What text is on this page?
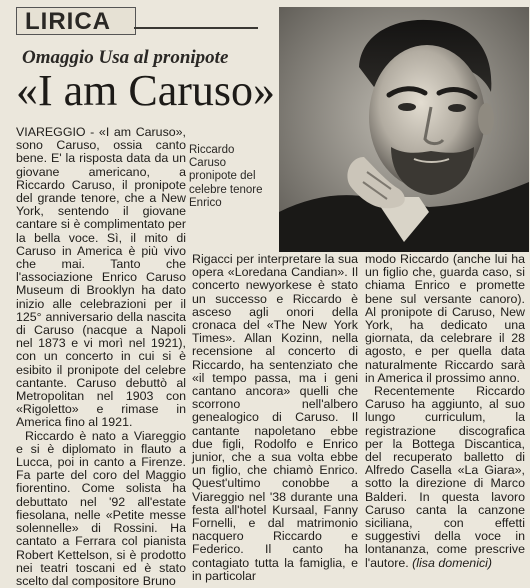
LIRICA
Omaggio Usa al pronipote
«I am Caruso»
Riccardo Caruso pronipote del celebre tenore Enrico

VIAREGGIO - «I am Caruso», sono Caruso, ossia canto bene. E' la risposta data da un giovane americano, a Riccardo Caruso, il pronipote del grande tenore, che a New York, sentendo il giovane cantare si è complimentato per la bella voce. Sì, il mito di Caruso in America è più vivo che mai. Tanto che l'associazione Enrico Caruso Museum di Brooklyn ha dato inizio alle celebrazioni per il 125° anniversario della nascita di Caruso (nacque a Napoli nel 1873 e vi morì nel 1921), con un concerto in cui si è esibito il pronipote del celebre cantante. Caruso debuttò al Metropolitan nel 1903 con «Rigoletto» e rimase in America fino al 1921.

Riccardo è nato a Viareggio e si è diplomato in flauto a Lucca, poi in canto a Firenze. Fa parte del coro del Maggio fiorentino. Come solista ha debuttato nel '92 all'estate fiesolana, nelle «Petite messe solennelle» di Rossini. Ha cantato a Ferrara col pianista Robert Kettelson, si è prodotto nei teatri toscani ed è stato scelto dal compositore Bruno

Rigacci per interpretare la sua opera «Loredana Candian». Il concerto newyorkese è stato un successo e Riccardo è asceso agli onori della cronaca del «The New York Times». Allan Kozinn, nella recensione al concerto di Riccardo, ha sentenziato che «il tempo passa, ma i geni cantano ancora» quelli che scorrono nell'albero genealogico di Caruso. Il cantante napoletano ebbe due figli, Rodolfo e Enrico junior, che a sua volta ebbe un figlio, che chiamò Enrico. Quest'ultimo conobbe a Viareggio nel '38 durante una festa all'hotel Kursaal, Fanny Fornelli, e dal matrimonio nacquero Riccardo e Federico. Il canto ha contagiato tutta la famiglia, e in particolar

modo Riccardo (anche lui ha un figlio che, guarda caso, si chiama Enrico e promette bene sul versante canoro). Al pronipote di Caruso, New York, ha dedicato una giornata, da celebrare il 28 agosto, e per quella data naturalmente Riccardo sarà in America il prossimo anno.

Recentemente Riccardo Caruso ha aggiunto, al suo lungo curriculum, la registrazione discografica per la Bottega Discantica, del recuperato balletto di Alfredo Casella «La Giara», sotto la direzione di Marco Balderi. In questa lavoro Caruso canta la canzone siciliana, con effetti suggestivi della voce in lontananza, come prescrive l'autore. (lisa domenici)
